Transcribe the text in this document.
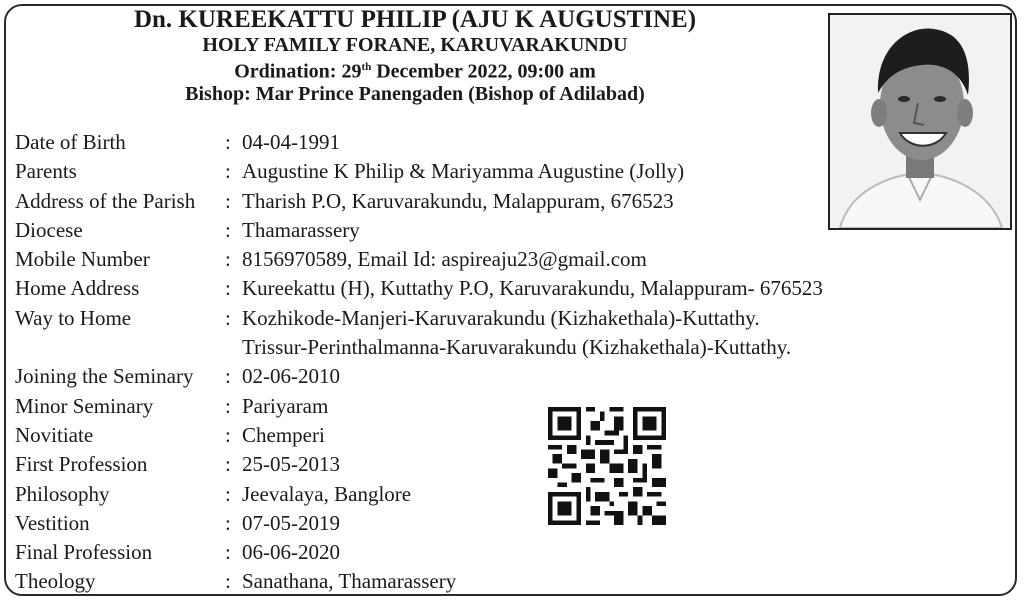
Dn. KUREEKATTU PHILIP (AJU K AUGUSTINE)
HOLY FAMILY FORANE, KARUVARAKUNDU
Ordination: 29th December 2022, 09:00 am
Bishop: Mar Prince Panengaden (Bishop of Adilabad)
Date of Birth	: 04-04-1991
Parents	: Augustine K Philip & Mariyamma Augustine (Jolly)
Address of the Parish : Tharish P.O, Karuvarakundu, Malappuram, 676523
Diocese	: Thamarassery
Mobile Number	: 8156970589, Email Id: aspireaju23@gmail.com
Home Address	: Kureekattu (H), Kuttathy P.O, Karuvarakundu, Malappuram- 676523
Way to Home	: Kozhikode-Manjeri-Karuvarakundu (Kizhakethala)-Kuttathy.
Trissur-Perinthalmanna-Karuvarakundu (Kizhakethala)-Kuttathy.
Joining the Seminary : 02-06-2010
Minor Seminary	: Pariyaram
Novitiate	: Chemperi
First Profession	: 25-05-2013
Philosophy	: Jeevalaya, Banglore
Vestition	: 07-05-2019
Final Profession	: 06-06-2020
Theology	: Sanathana, Thamarassery
